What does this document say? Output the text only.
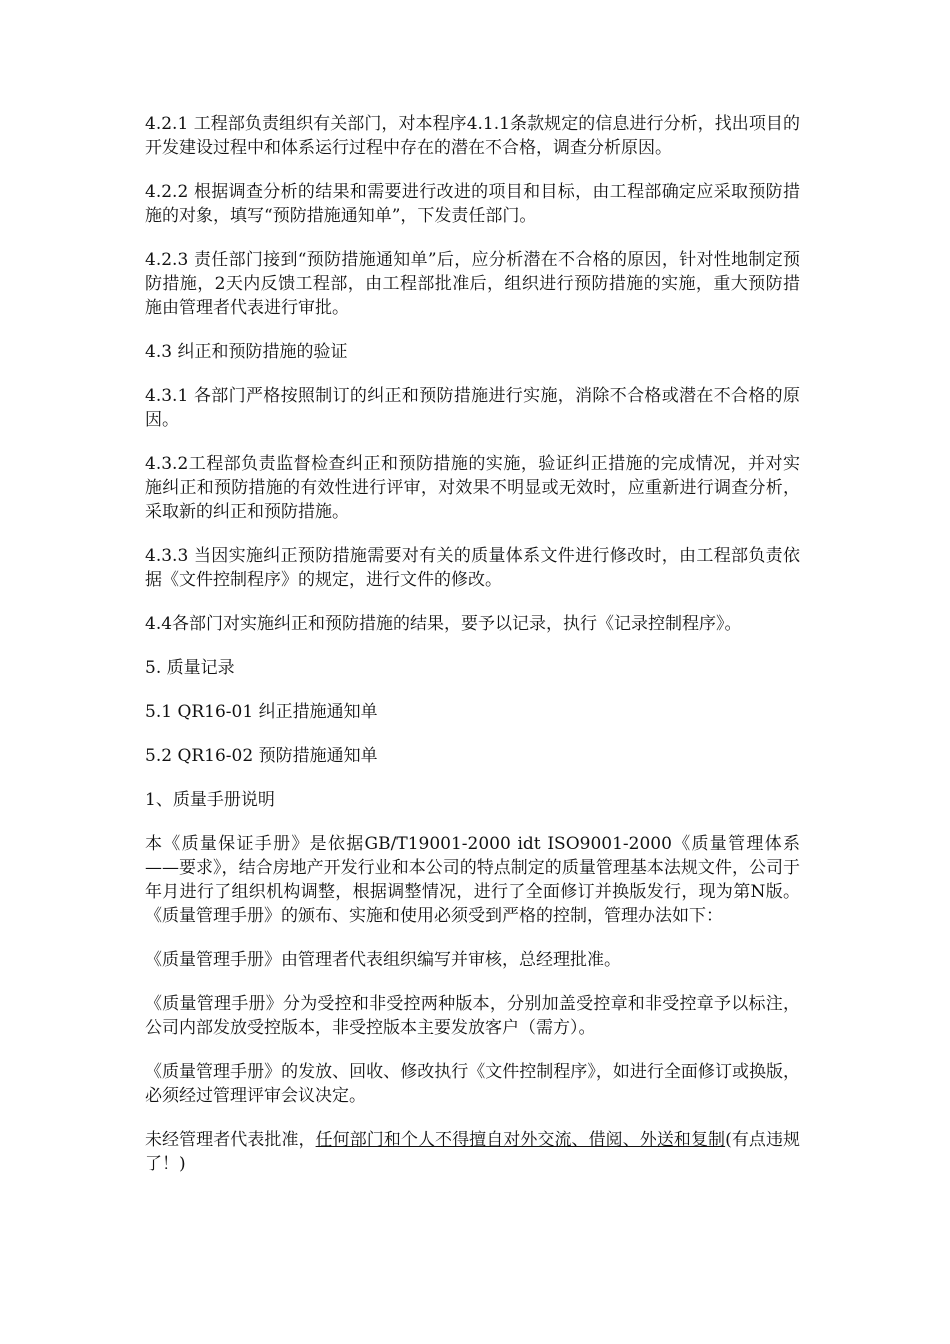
4.2.1 工程部负责组织有关部门，对本程序4.1.1条款规定的信息进行分析，找出项目的开发建设过程中和体系运行过程中存在的潜在不合格，调查分析原因。

4.2.2 根据调查分析的结果和需要进行改进的项目和目标，由工程部确定应采取预防措施的对象，填写“预防措施通知单”，下发责任部门。

4.2.3 责任部门接到“预防措施通知单”后，应分析潜在不合格的原因，针对性地制定预防措施，2天内反馈工程部，由工程部批准后，组织进行预防措施的实施，重大预防措施由管理者代表进行审批。

4.3 纠正和预防措施的验证

4.3.1 各部门严格按照制订的纠正和预防措施进行实施，消除不合格或潜在不合格的原因。

4.3.2工程部负责监督检查纠正和预防措施的实施，验证纠正措施的完成情况，并对实施纠正和预防措施的有效性进行评审，对效果不明显或无效时，应重新进行调查分析，采取新的纠正和预防措施。

4.3.3 当因实施纠正预防措施需要对有关的质量体系文件进行修改时，由工程部负责依据《文件控制程序》的规定，进行文件的修改。

4.4各部门对实施纠正和预防措施的结果，要予以记录，执行《记录控制程序》。

5. 质量记录

5.1 QR16-01 纠正措施通知单

5.2 QR16-02 预防措施通知单

1、质量手册说明

本《质量保证手册》是依据GB/T19001-2000 idt ISO9001-2000《质量管理体系——要求》，结合房地产开发行业和本公司的特点制定的质量管理基本法规文件，公司于年月进行了组织机构调整，根据调整情况，进行了全面修订并换版发行，现为第N版。《质量管理手册》的颁布、实施和使用必须受到严格的控制，管理办法如下：

《质量管理手册》由管理者代表组织编写并审核，总经理批准。

《质量管理手册》分为受控和非受控两种版本，分别加盖受控章和非受控章予以标注，公司内部发放受控版本，非受控版本主要发放客户（需方）。

《质量管理手册》的发放、回收、修改执行《文件控制程序》，如进行全面修订或换版，必须经过管理评审会议决定。

未经管理者代表批准，任何部门和个人不得擅自对外交流、借阅、外送和复制(有点违规了！)
